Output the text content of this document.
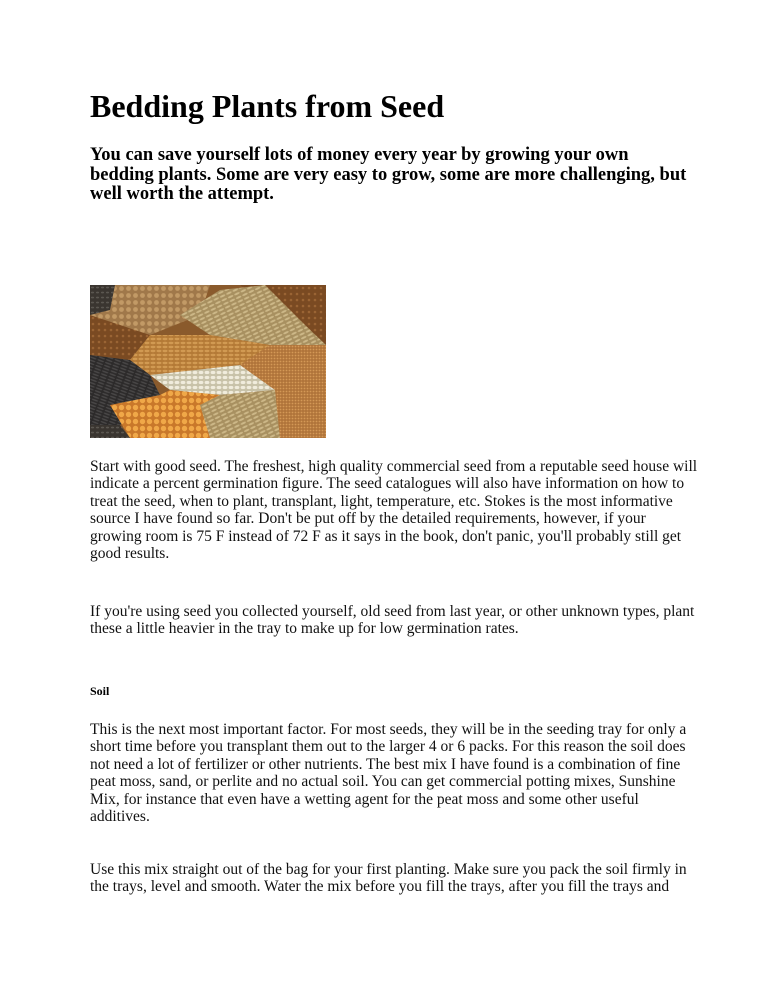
Bedding Plants from Seed

You can save yourself lots of money every year by growing your own bedding plants. Some are very easy to grow, some are more challenging, but well worth the attempt.

Start with good seed. The freshest, high quality commercial seed from a reputable seed house will indicate a percent germination figure. The seed catalogues will also have information on how to treat the seed, when to plant, transplant, light, temperature, etc. Stokes is the most informative source I have found so far. Don't be put off by the detailed requirements, however, if your growing room is 75 F instead of 72 F as it says in the book, don't panic, you'll probably still get good results.

If you're using seed you collected yourself, old seed from last year, or other unknown types, plant these a little heavier in the tray to make up for low germination rates.

Soil

This is the next most important factor. For most seeds, they will be in the seeding tray for only a short time before you transplant them out to the larger 4 or 6 packs. For this reason the soil does not need a lot of fertilizer or other nutrients. The best mix I have found is a combination of fine peat moss, sand, or perlite and no actual soil. You can get commercial potting mixes, Sunshine Mix, for instance that even have a wetting agent for the peat moss and some other useful additives.

Use this mix straight out of the bag for your first planting. Make sure you pack the soil firmly in the trays, level and smooth. Water the mix before you fill the trays, after you fill the trays and
